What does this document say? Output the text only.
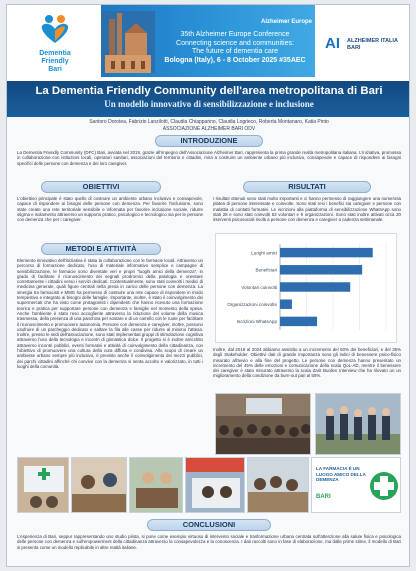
Dementia
Friendly
Bari
Alzheimer Europe
35th Alzheimer Europe Conference
Connecting science and communities:
The future of dementia care
Bologna (Italy), 6 - 8 October 2025 #35AEC
AI ALZHEIMER ITALIA
BARI
La Dementia Friendly Community dell'area metropolitana di Bari
Un modello innovativo di sensibilizzazione e inclusione
Santoro Dorotea, Fabrizio Lanzilotti, Claudia Chiapparino, Claudia Logrieco, Roberta Montanaro, Katia Pinto
ASSOCIAZIONE ALZHEIMER BARI ODV
INTRODUZIONE
La Dementia Friendly Community (DFC) Bari, avviata nel 2019, grazie all'impegno dell'Associazione Alzheimer Bari, rappresenta la prima grande realtà metropolitana italiana. L'iniziativa, promossa in collaborazione con istituzioni locali, operatori sanitari, associazioni del territorio e cittadini, mira a costruire un ambiente urbano più inclusivo, consapevole e capace di rispondere ai bisogni specifici delle persone con demenza e dei loro caregiver.
OBIETTIVI
L'obiettivo principale è stato quello di costruire un ambiente urbano inclusivo e consapevole, capace di rispondere ai bisogni delle persone con demenza. Per favorire l'inclusione, sono state create una rete territoriale sensibile e informata per favorire inclusione sociale, ridurre stigma e isolamento attraverso un supporto pratico, psicologico e tecnologico sia per le persone con demenza che per i caregiver.
RISULTATI
I risultati ottenuti sono stati molto importanti e ci hanno permesso di raggiungere una numerosa platea di persone interessate e coinvolte. Sono stati resi i benefici sia caregiver e persone con malattia di contatti formativi. Le iscrizioni alla piattaforma di sensibilizzazione WhatsApp sono stati 28 e sono stati coinvolti 53 volontari e 9 organizzazioni. Sono stati inoltre attivati circa 20 interventi psicosociali rivolti a persone con demenza e caregiver a cadenza settimanale.
Luoghi amici
Beneficiari
Volontari coinvolti
Organizzazioni coinvolte
Iscrizioni WhatsApp
Inoltre, dal 2019 al 2024 abbiamo assistito a un incremento del 50% dei beneficiari, e del 35% degli Stakeholder. Obiettivi dati di grande importanza sono gli indici di benessere psico-fisico misurato all'avvio e alla fine del progetto. Le persone con demenza hanno presentato un incremento del 45% delle emozioni e comunicazione della scala QoL-AD, mentre il benessere dei caregiver è stato misurato attraverso la scala Zarit Burden Interview che ha rilevato un un miglioramento della condizione da burn-out pari al 50%.
METODI E ATTIVITÀ
Elemento innovativo dell'iniziativa è stata la collaborazione con le farmacie locali. Attraverso un percorso di formazione dedicato, l'uso di materiale informativo semplice e campagne di sensibilizzazione, le farmacie sono diventate veri e propri "luoghi amici della demenza", in grado di facilitare il riconoscimento dei segnali prodromici della patologia e orientare correttamente i cittadini verso i servizi dedicati. Contestualmente, sono stati coinvolti i medici di medicina generale, quali figure centrali nella presa in carico delle persone con demenza. La sinergia tra farmacisti e MMG ha permesso di costruire una rete capace di rispondere in modo tempestivo e integrato ai bisogni delle famiglie. Importante, inoltre, è stato il coinvolgimento dei supermercati che ha visto come protagonisti i dipendenti che hanno ricevuto una formazione teorica e pratica per supportare persone con demenza e famiglie nel momento della spesa. Anche l'ambiente è stato reso accogliente attraverso la riduzione del volume della musica trasmessa, della presenza di una panchina per sostare e di un carrello con le ruote per facilitare il riconoscimento e promuovere autonomia. Persone con demenza e caregiver, inoltre, possono usufruire di un parcheggio dedicato e saltare la fila alle casse per ridurre al minimo l'attesa. Inoltre, presso le sedi dell'associazione, sono stati implementati gruppi di stimolazione cognitiva attraverso l'uso della tecnologia e incontri di ginnastica dolce. Il progetto si è inoltre arricchito attraverso incontri pubblici, eventi formativi e attività di coinvolgimento della cittadinanza, con l'obiettivo di promuovere una cultura della cura diffusa e condivisa. Allo scopo di creare un ambiente urbano sempre più inclusivo, è previsto anche il coinvolgimento dei mezzi pubblici, dei parchi cittadini affinché chi convive con la demenza si senta accolto e valorizzato, in tutti i luoghi della comunità.
LA FARMACIA È UN LUOGO AMICO DELLA DEMENZA
BARI
CONCLUSIONI
L'esperienza di Bari, seppur rappresentando uno studio pilota, si pone come esempio virtuoso di intervento sociale e trasformazione urbana centrata sull'attenzione alla salute fisica e psicologica delle persone con demenza e sull'empowerment della cittadinanza attraverso la consapevolezza e la conoscenza. I dati raccolti sono in fase di elaborazione, ma dalle prime stime, il modello di Bari si presenta come un modello replicabile in altre realtà italiane.
